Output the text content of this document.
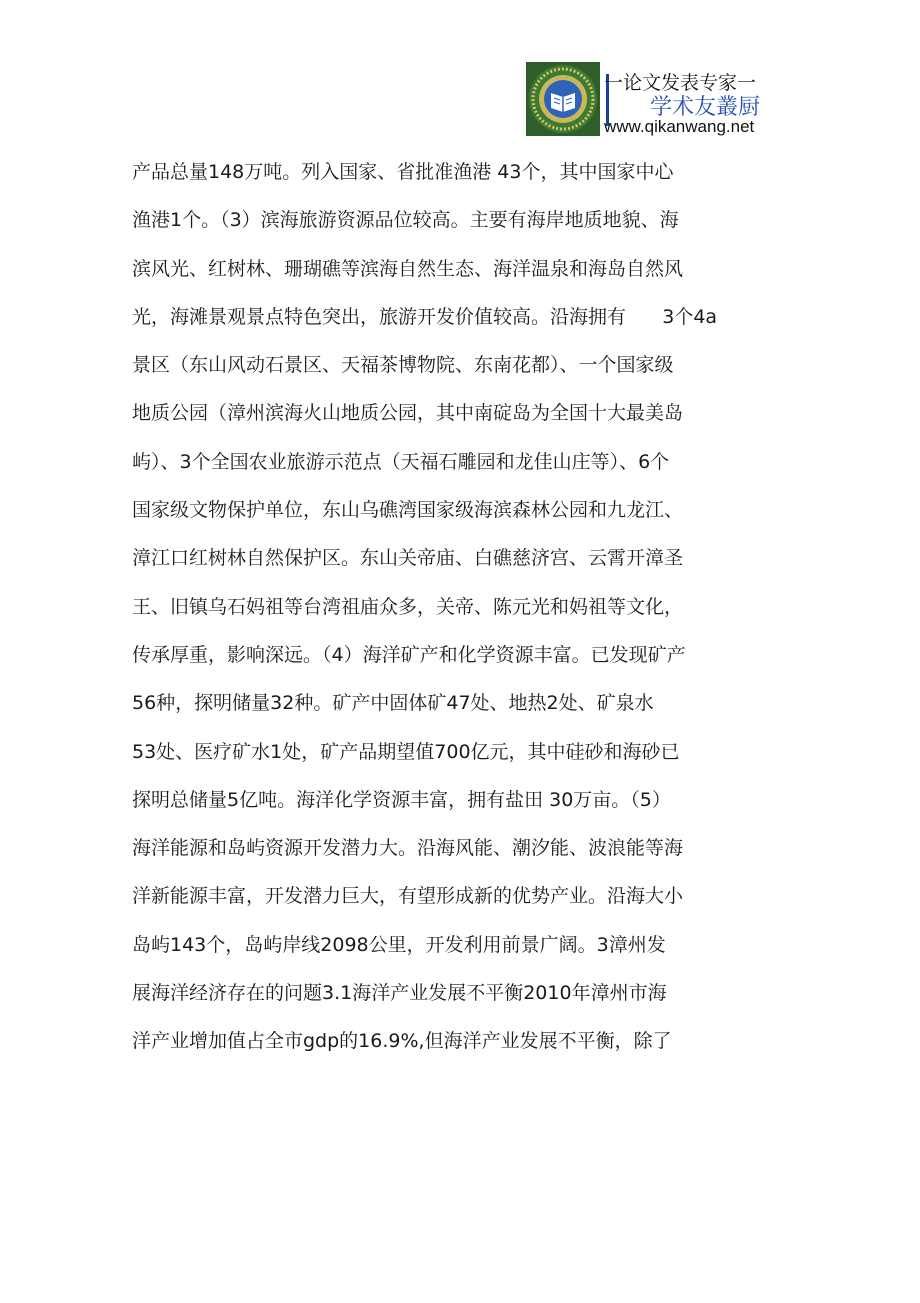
一论文发表专家一
学术友叢厨
www.qikanwang.net
产品总量148万吨。列入国家、省批准渔港 43个，其中国家中心
渔港1个。（3）滨海旅游资源品位较高。主要有海岸地质地貌、海
滨风光、红树林、珊瑚礁等滨海自然生态、海洋温泉和海岛自然风
光，海滩景观景点特色突出，旅游开发价值较高。沿海拥有      3个4a
景区（东山风动石景区、天福茶博物院、东南花都）、一个国家级
地质公园（漳州滨海火山地质公园，其中南碇岛为全国十大最美岛
屿）、3个全国农业旅游示范点（天福石雕园和龙佳山庄等）、6个
国家级文物保护单位，东山乌礁湾国家级海滨森林公园和九龙江、
漳江口红树林自然保护区。东山关帝庙、白礁慈济宫、云霄开漳圣
王、旧镇乌石妈祖等台湾祖庙众多，关帝、陈元光和妈祖等文化，
传承厚重，影响深远。（4）海洋矿产和化学资源丰富。已发现矿产
56种，探明储量32种。矿产中固体矿47处、地热2处、矿泉水
53处、医疗矿水1处，矿产品期望值700亿元，其中硅砂和海砂已
探明总储量5亿吨。海洋化学资源丰富，拥有盐田 30万亩。（5）
海洋能源和岛屿资源开发潜力大。沿海风能、潮汐能、波浪能等海
洋新能源丰富，开发潜力巨大，有望形成新的优势产业。沿海大小
岛屿143个，岛屿岸线2098公里，开发利用前景广阔。3漳州发
展海洋经济存在的问题3.1海洋产业发展不平衡2010年漳州市海
洋产业增加值占全市gdp的16.9%,但海洋产业发展不平衡，除了
